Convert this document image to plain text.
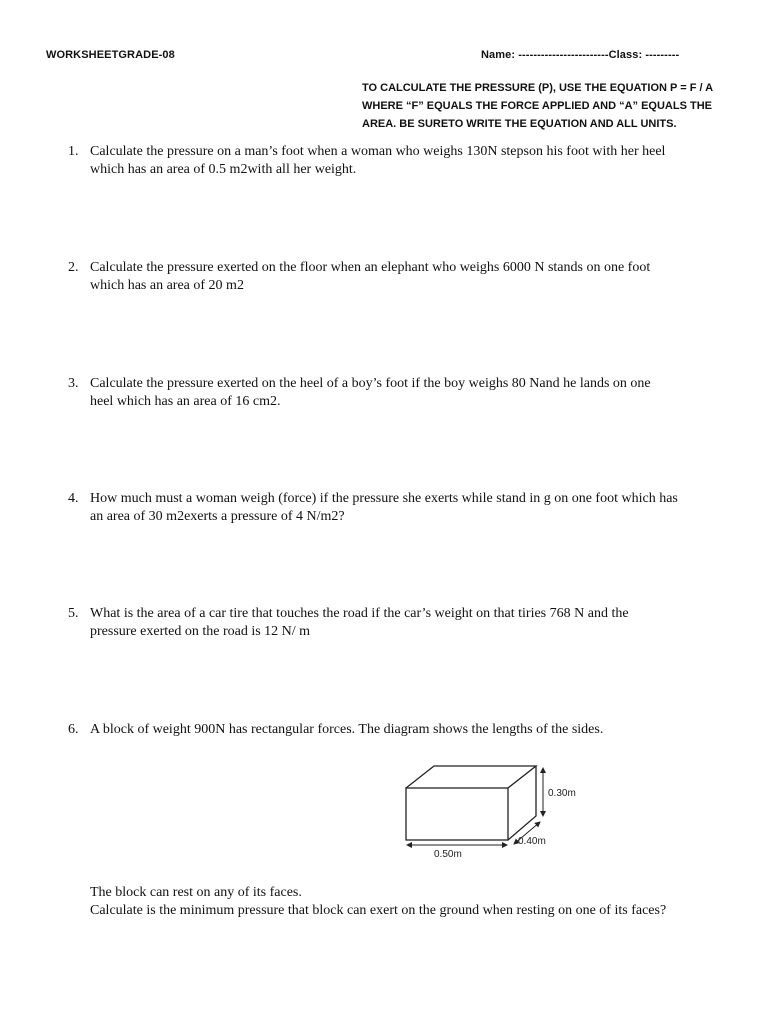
WORKSHEETGRADE-08	Name: ------------------------Class: ---------
TO CALCULATE THE PRESSURE (P), USE THE EQUATION P = F / A
WHERE “F” EQUALS THE FORCE APPLIED AND “A” EQUALS THE
AREA. BE SURETO WRITE THE EQUATION AND ALL UNITS.
1. Calculate the pressure on a man’s foot when a woman who weighs 130N stepson his foot with her heel
which has an area of 0.5 m2with all her weight.
2. Calculate the pressure exerted on the floor when an elephant who weighs 6000 N stands on one foot
which has an area of 20 m2
3. Calculate the pressure exerted on the heel of a boy’s foot if the boy weighs 80 Nand he lands on one
heel which has an area of 16 cm2.
4. How much must a woman weigh (force) if the pressure she exerts while stand in g on one foot which has
an area of 30 m2exerts a pressure of 4 N/m2?
5. What is the area of a car tire that touches the road if the car’s weight on that tiries 768 N and the
pressure exerted on the road is 12 N/ m
6. A block of weight 900N has rectangular forces. The diagram shows the lengths of the sides.
0.30m
0.40m
0.50m
The block can rest on any of its faces.
Calculate is the minimum pressure that block can exert on the ground when resting on one of its faces?
